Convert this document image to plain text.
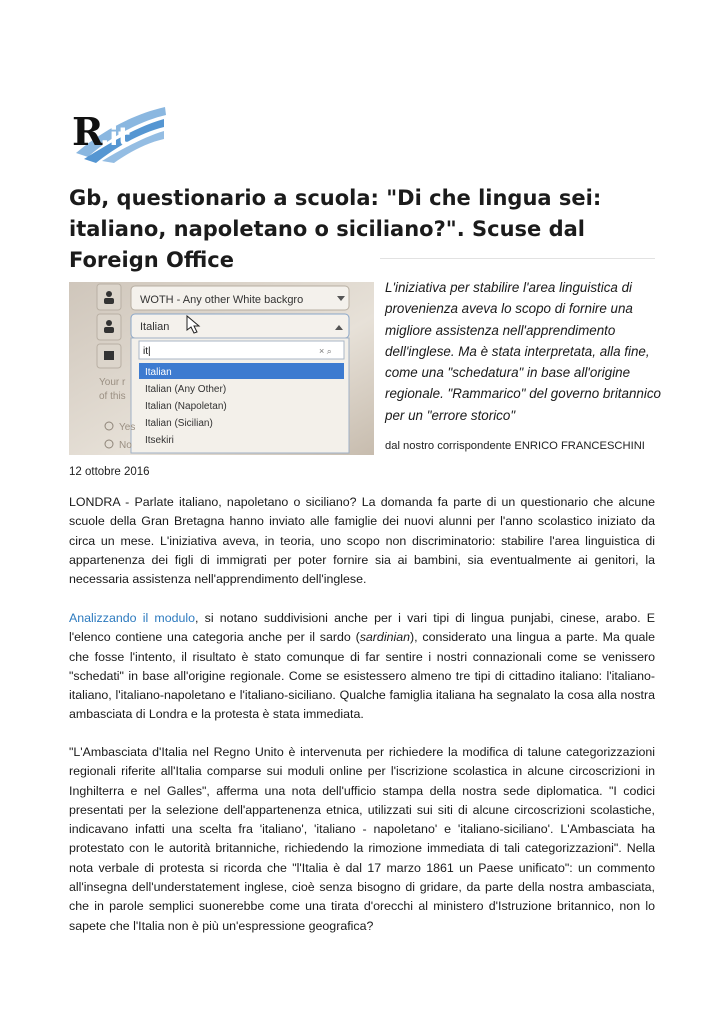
R
.it
Gb, questionario a scuola: "Di che lingua sei: italiano, napoletano o siciliano?". Scuse dal Foreign Office
WOTH - Any other White backgro
Italian
it|	× ⌕
Italian
Italian (Any Other)
Italian (Napoletan)
Italian (Sicilian)
Itsekiri
Your r
of this
Yes
No

L'iniziativa per stabilire l'area linguistica di provenienza aveva lo scopo di fornire una migliore assistenza nell'apprendimento dell'inglese. Ma è stata interpretata, alla fine, come una "schedatura" in base all'origine regionale. "Rammarico" del governo britannico per un "errore storico"

dal nostro corrispondente ENRICO FRANCESCHINI
12 ottobre 2016

LONDRA - Parlate italiano, napoletano o siciliano? La domanda fa parte di un questionario che alcune scuole della Gran Bretagna hanno inviato alle famiglie dei nuovi alunni per l'anno scolastico iniziato da circa un mese. L'iniziativa aveva, in teoria, uno scopo non discriminatorio: stabilire l'area linguistica di appartenenza dei figli di immigrati per poter fornire sia ai bambini, sia eventualmente ai genitori, la necessaria assistenza nell'apprendimento dell'inglese.

Analizzando il modulo, si notano suddivisioni anche per i vari tipi di lingua punjabi, cinese, arabo. E l'elenco contiene una categoria anche per il sardo (sardinian), considerato una lingua a parte. Ma quale che fosse l'intento, il risultato è stato comunque di far sentire i nostri connazionali come se venissero "schedati" in base all'origine regionale. Come se esistessero almeno tre tipi di cittadino italiano: l'italiano-italiano, l'italiano-napoletano e l'italiano-siciliano. Qualche famiglia italiana ha segnalato la cosa alla nostra ambasciata di Londra e la protesta è stata immediata.

"L'Ambasciata d'Italia nel Regno Unito è intervenuta per richiedere la modifica di talune categorizzazioni regionali riferite all'Italia comparse sui moduli online per l'iscrizione scolastica in alcune circoscrizioni in Inghilterra e nel Galles", afferma una nota dell'ufficio stampa della nostra sede diplomatica. "I codici presentati per la selezione dell'appartenenza etnica, utilizzati sui siti di alcune circoscrizioni scolastiche, indicavano infatti una scelta fra 'italiano', 'italiano - napoletano' e 'italiano-siciliano'. L'Ambasciata ha protestato con le autorità britanniche, richiedendo la rimozione immediata di tali categorizzazioni". Nella nota verbale di protesta si ricorda che "l'Italia è dal 17 marzo 1861 un Paese unificato": un commento all'insegna dell'understatement inglese, cioè senza bisogno di gridare, da parte della nostra ambasciata, che in parole semplici suonerebbe come una tirata d'orecchi al ministero d'Istruzione britannico, non lo sapete che l'Italia non è più un'espressione geografica?
